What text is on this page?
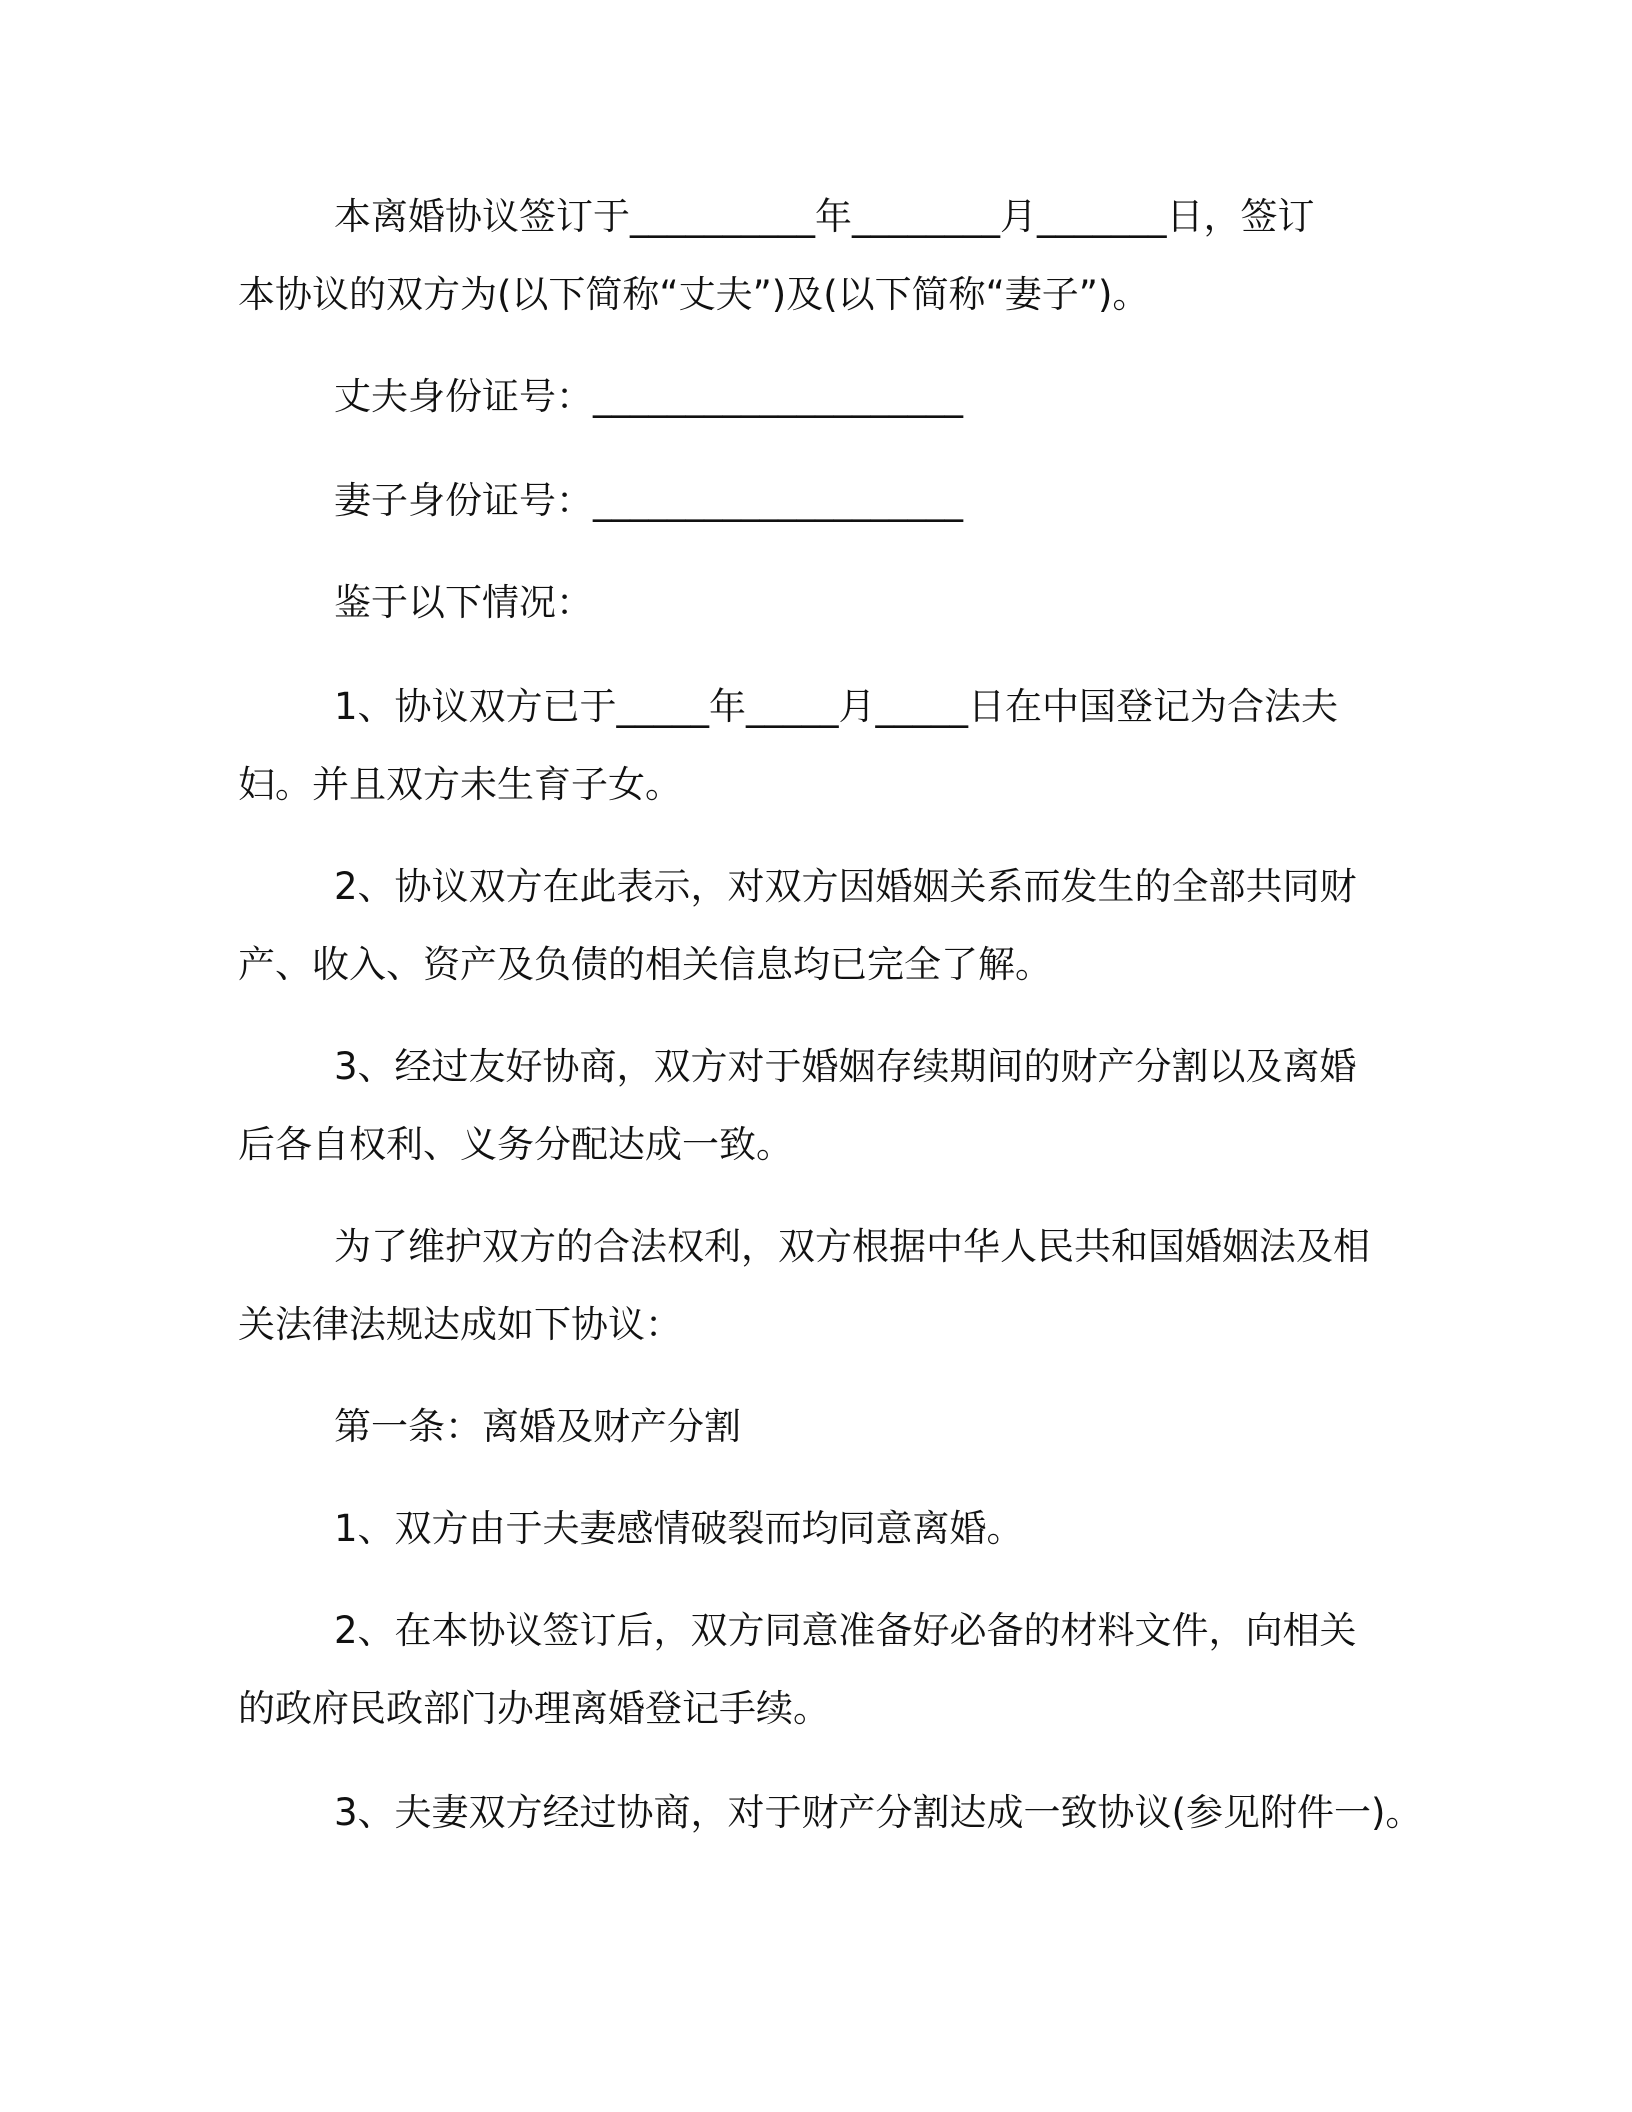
本离婚协议签订于__________年________月_______日，签订
本协议的双方为(以下简称“丈夫”)及(以下简称“妻子”)。
丈夫身份证号：____________________
妻子身份证号：____________________
鉴于以下情况：
1、协议双方已于_____年_____月_____日在中国登记为合法夫
妇。并且双方未生育子女。
2、协议双方在此表示，对双方因婚姻关系而发生的全部共同财
产、收入、资产及负债的相关信息均已完全了解。
3、经过友好协商，双方对于婚姻存续期间的财产分割以及离婚
后各自权利、义务分配达成一致。
为了维护双方的合法权利，双方根据中华人民共和国婚姻法及相
关法律法规达成如下协议：
第一条：离婚及财产分割
1、双方由于夫妻感情破裂而均同意离婚。
2、在本协议签订后，双方同意准备好必备的材料文件，向相关
的政府民政部门办理离婚登记手续。
3、夫妻双方经过协商，对于财产分割达成一致协议(参见附件一)。
